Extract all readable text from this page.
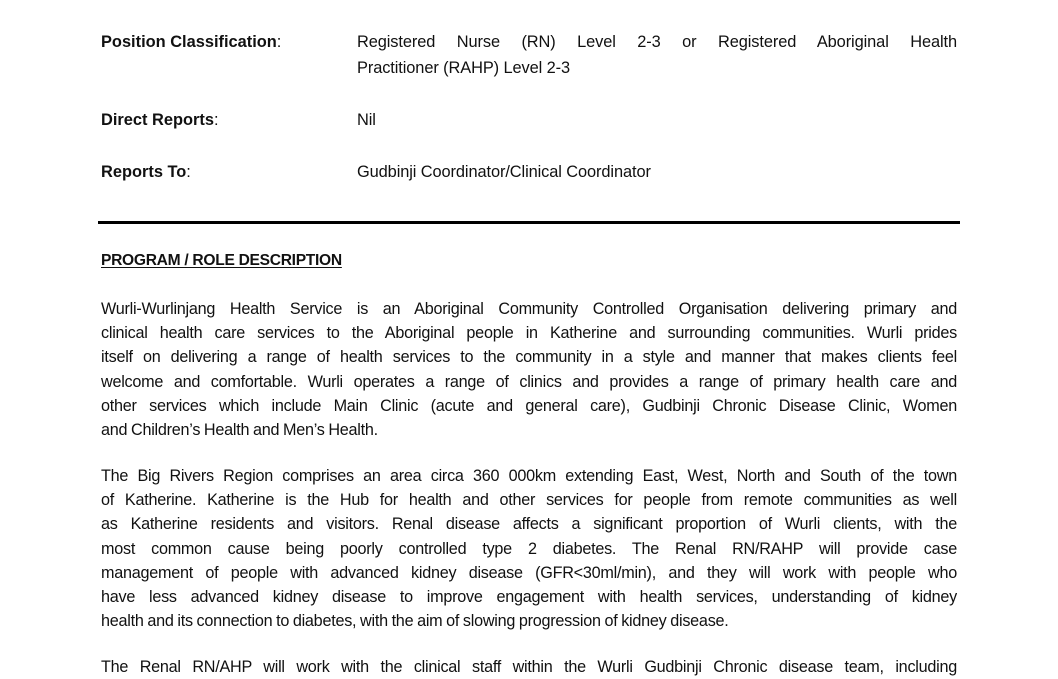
Position Classification:	Registered Nurse (RN) Level 2-3 or Registered Aboriginal Health
Practitioner (RAHP) Level 2-3
Direct Reports:	Nil
Reports To:	Gudbinji Coordinator/Clinical Coordinator
PROGRAM / ROLE DESCRIPTION
Wurli-Wurlinjang Health Service is an Aboriginal Community Controlled Organisation delivering primary and
clinical health care services to the Aboriginal people in Katherine and surrounding communities. Wurli prides
itself on delivering a range of health services to the community in a style and manner that makes clients feel
welcome and comfortable. Wurli operates a range of clinics and provides a range of primary health care and
other services which include Main Clinic (acute and general care), Gudbinji Chronic Disease Clinic, Women
and Children’s Health and Men’s Health.
The Big Rivers Region comprises an area circa 360 000km extending East, West, North and South of the town
of Katherine. Katherine is the Hub for health and other services for people from remote communities as well
as Katherine residents and visitors. Renal disease affects a significant proportion of Wurli clients, with the
most common cause being poorly controlled type 2 diabetes. The Renal RN/RAHP will provide case
management of people with advanced kidney disease (GFR<30ml/min), and they will work with people who
have less advanced kidney disease to improve engagement with health services, understanding of kidney
health and its connection to diabetes, with the aim of slowing progression of kidney disease.
The Renal RN/AHP will work with the clinical staff within the Wurli Gudbinji Chronic disease team, including
